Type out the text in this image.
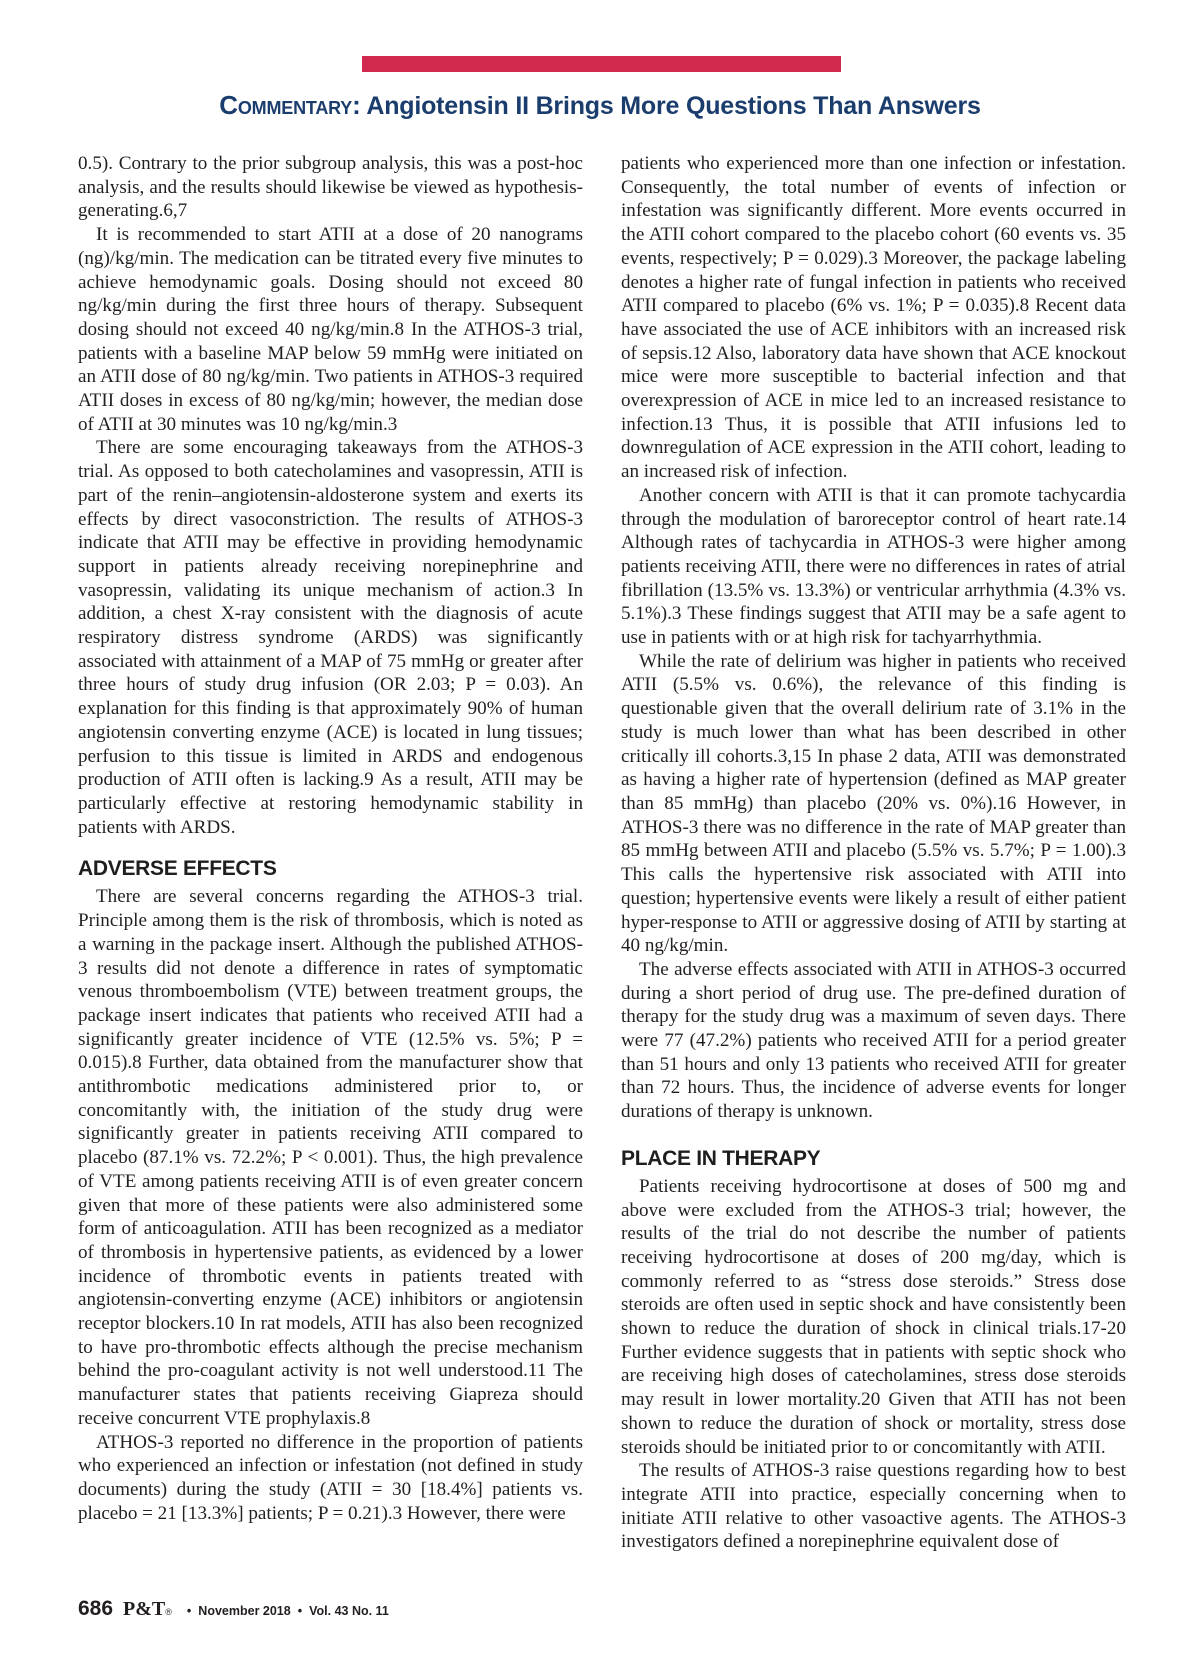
Commentary: Angiotensin II Brings More Questions Than Answers

0.5). Contrary to the prior subgroup analysis, this was a post-hoc analysis, and the results should likewise be viewed as hypothesis-generating.6,7

It is recommended to start ATII at a dose of 20 nanograms (ng)/kg/min. The medication can be titrated every five minutes to achieve hemodynamic goals. Dosing should not exceed 80 ng/kg/min during the first three hours of therapy. Subsequent dosing should not exceed 40 ng/kg/min.8 In the ATHOS-3 trial, patients with a baseline MAP below 59 mmHg were initiated on an ATII dose of 80 ng/kg/min. Two patients in ATHOS-3 required ATII doses in excess of 80 ng/kg/min; however, the median dose of ATII at 30 minutes was 10 ng/kg/min.3

There are some encouraging takeaways from the ATHOS-3 trial. As opposed to both catecholamines and vasopressin, ATII is part of the renin–angiotensin-aldosterone system and exerts its effects by direct vasoconstriction. The results of ATHOS-3 indicate that ATII may be effective in providing hemodynamic support in patients already receiving norepinephrine and vasopressin, validating its unique mechanism of action.3 In addition, a chest X-ray consistent with the diagnosis of acute respiratory distress syndrome (ARDS) was significantly associated with attainment of a MAP of 75 mmHg or greater after three hours of study drug infusion (OR 2.03; P = 0.03). An explanation for this finding is that approximately 90% of human angiotensin converting enzyme (ACE) is located in lung tissues; perfusion to this tissue is limited in ARDS and endogenous production of ATII often is lacking.9 As a result, ATII may be particularly effective at restoring hemodynamic stability in patients with ARDS.

ADVERSE EFFECTS

There are several concerns regarding the ATHOS-3 trial. Principle among them is the risk of thrombosis, which is noted as a warning in the package insert. Although the published ATHOS-3 results did not denote a difference in rates of symptomatic venous thromboembolism (VTE) between treatment groups, the package insert indicates that patients who received ATII had a significantly greater incidence of VTE (12.5% vs. 5%; P = 0.015).8 Further, data obtained from the manufacturer show that antithrombotic medications administered prior to, or concomitantly with, the initiation of the study drug were significantly greater in patients receiving ATII compared to placebo (87.1% vs. 72.2%; P < 0.001). Thus, the high prevalence of VTE among patients receiving ATII is of even greater concern given that more of these patients were also administered some form of anticoagulation. ATII has been recognized as a mediator of thrombosis in hypertensive patients, as evidenced by a lower incidence of thrombotic events in patients treated with angiotensin-converting enzyme (ACE) inhibitors or angiotensin receptor blockers.10 In rat models, ATII has also been recognized to have pro-thrombotic effects although the precise mechanism behind the pro-coagulant activity is not well understood.11 The manufacturer states that patients receiving Giapreza should receive concurrent VTE prophylaxis.8

ATHOS-3 reported no difference in the proportion of patients who experienced an infection or infestation (not defined in study documents) during the study (ATII = 30 [18.4%] patients vs. placebo = 21 [13.3%] patients; P = 0.21).3 However, there were

patients who experienced more than one infection or infestation. Consequently, the total number of events of infection or infestation was significantly different. More events occurred in the ATII cohort compared to the placebo cohort (60 events vs. 35 events, respectively; P = 0.029).3 Moreover, the package labeling denotes a higher rate of fungal infection in patients who received ATII compared to placebo (6% vs. 1%; P = 0.035).8 Recent data have associated the use of ACE inhibitors with an increased risk of sepsis.12 Also, laboratory data have shown that ACE knockout mice were more susceptible to bacterial infection and that overexpression of ACE in mice led to an increased resistance to infection.13 Thus, it is possible that ATII infusions led to downregulation of ACE expression in the ATII cohort, leading to an increased risk of infection.

Another concern with ATII is that it can promote tachycardia through the modulation of baroreceptor control of heart rate.14 Although rates of tachycardia in ATHOS-3 were higher among patients receiving ATII, there were no differences in rates of atrial fibrillation (13.5% vs. 13.3%) or ventricular arrhythmia (4.3% vs. 5.1%).3 These findings suggest that ATII may be a safe agent to use in patients with or at high risk for tachyarrhythmia.

While the rate of delirium was higher in patients who received ATII (5.5% vs. 0.6%), the relevance of this finding is questionable given that the overall delirium rate of 3.1% in the study is much lower than what has been described in other critically ill cohorts.3,15 In phase 2 data, ATII was demonstrated as having a higher rate of hypertension (defined as MAP greater than 85 mmHg) than placebo (20% vs. 0%).16 However, in ATHOS-3 there was no difference in the rate of MAP greater than 85 mmHg between ATII and placebo (5.5% vs. 5.7%; P = 1.00).3 This calls the hypertensive risk associated with ATII into question; hypertensive events were likely a result of either patient hyper-response to ATII or aggressive dosing of ATII by starting at 40 ng/kg/min.

The adverse effects associated with ATII in ATHOS-3 occurred during a short period of drug use. The pre-defined duration of therapy for the study drug was a maximum of seven days. There were 77 (47.2%) patients who received ATII for a period greater than 51 hours and only 13 patients who received ATII for greater than 72 hours. Thus, the incidence of adverse events for longer durations of therapy is unknown.

PLACE IN THERAPY

Patients receiving hydrocortisone at doses of 500 mg and above were excluded from the ATHOS-3 trial; however, the results of the trial do not describe the number of patients receiving hydrocortisone at doses of 200 mg/day, which is commonly referred to as “stress dose steroids.” Stress dose steroids are often used in septic shock and have consistently been shown to reduce the duration of shock in clinical trials.17-20 Further evidence suggests that in patients with septic shock who are receiving high doses of catecholamines, stress dose steroids may result in lower mortality.20 Given that ATII has not been shown to reduce the duration of shock or mortality, stress dose steroids should be initiated prior to or concomitantly with ATII.

The results of ATHOS-3 raise questions regarding how to best integrate ATII into practice, especially concerning when to initiate ATII relative to other vasoactive agents. The ATHOS-3 investigators defined a norepinephrine equivalent dose of

686 P&T® • November 2018 • Vol. 43 No. 11
